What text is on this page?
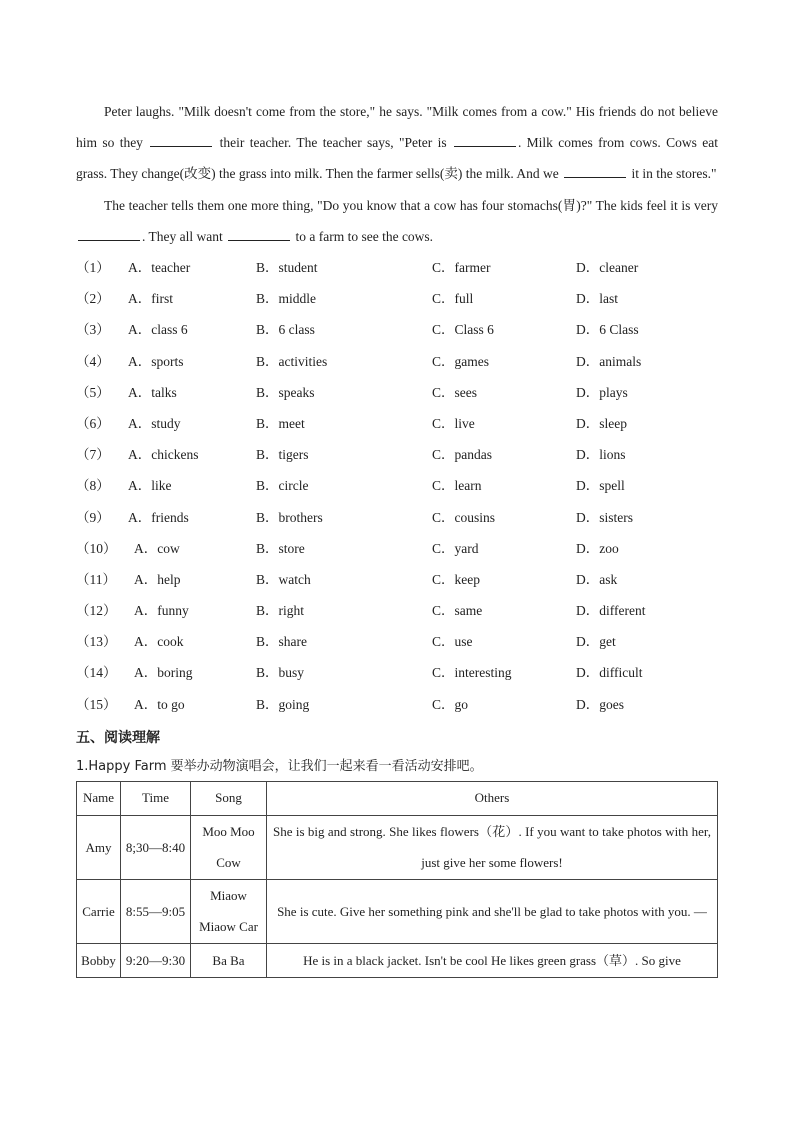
Peter laughs. "Milk doesn't come from the store," he says. "Milk comes from a cow." His friends do not believe him so they	their teacher. The teacher says, "Peter is	. Milk comes from cows. Cows eat grass. They change(改变) the grass into milk. Then the farmer sells(卖) the milk. And we	it in the stores."
The teacher tells them one more thing, "Do you know that a cow has four stomachs(胃)?" The kids feel it is very . They all want	to a farm to see the cows.
（1） A．teacher	B．student	C．farmer	D．cleaner
（2） A．first	B．middle	C．full	D．last
（3） A．class 6	B．6 class	C．Class 6	D．6 Class
（4） A．sports	B．activities	C．games	D．animals
（5） A．talks	B．speaks	C．sees	D．plays
（6） A．study	B．meet	C．live	D．sleep
（7） A．chickens	B．tigers	C．pandas	D．lions
（8） A．like	B．circle	C．learn	D．spell
（9） A．friends	B．brothers	C．cousins	D．sisters
（10） A．cow	B．store	C．yard	D．zoo
（11） A．help	B．watch	C．keep	D．ask
（12） A．funny	B．right	C．same	D．different
（13） A．cook	B．share	C．use	D．get
（14） A．boring	B．busy	C．interesting	D．difficult
（15） A．to go	B．going	C．go	D．goes
五、阅读理解
1.Happy Farm 要举办动物演唱会，让我们一起来看一看活动安排吧。
Name	Time	Song	Others
Amy	8;30—8:40	Moo Moo Cow	She is big and strong. She likes flowers（花）. If you want to take photos with her, just give her some flowers!
Carrie	8:55—9:05	Miaow Miaow Car	She is cute. Give her something pink and she'll be glad to take photos with you. —
Bobby	9:20—9:30	Ba Ba	He is in a black jacket. Isn't be cool He likes green grass（草）. So give
